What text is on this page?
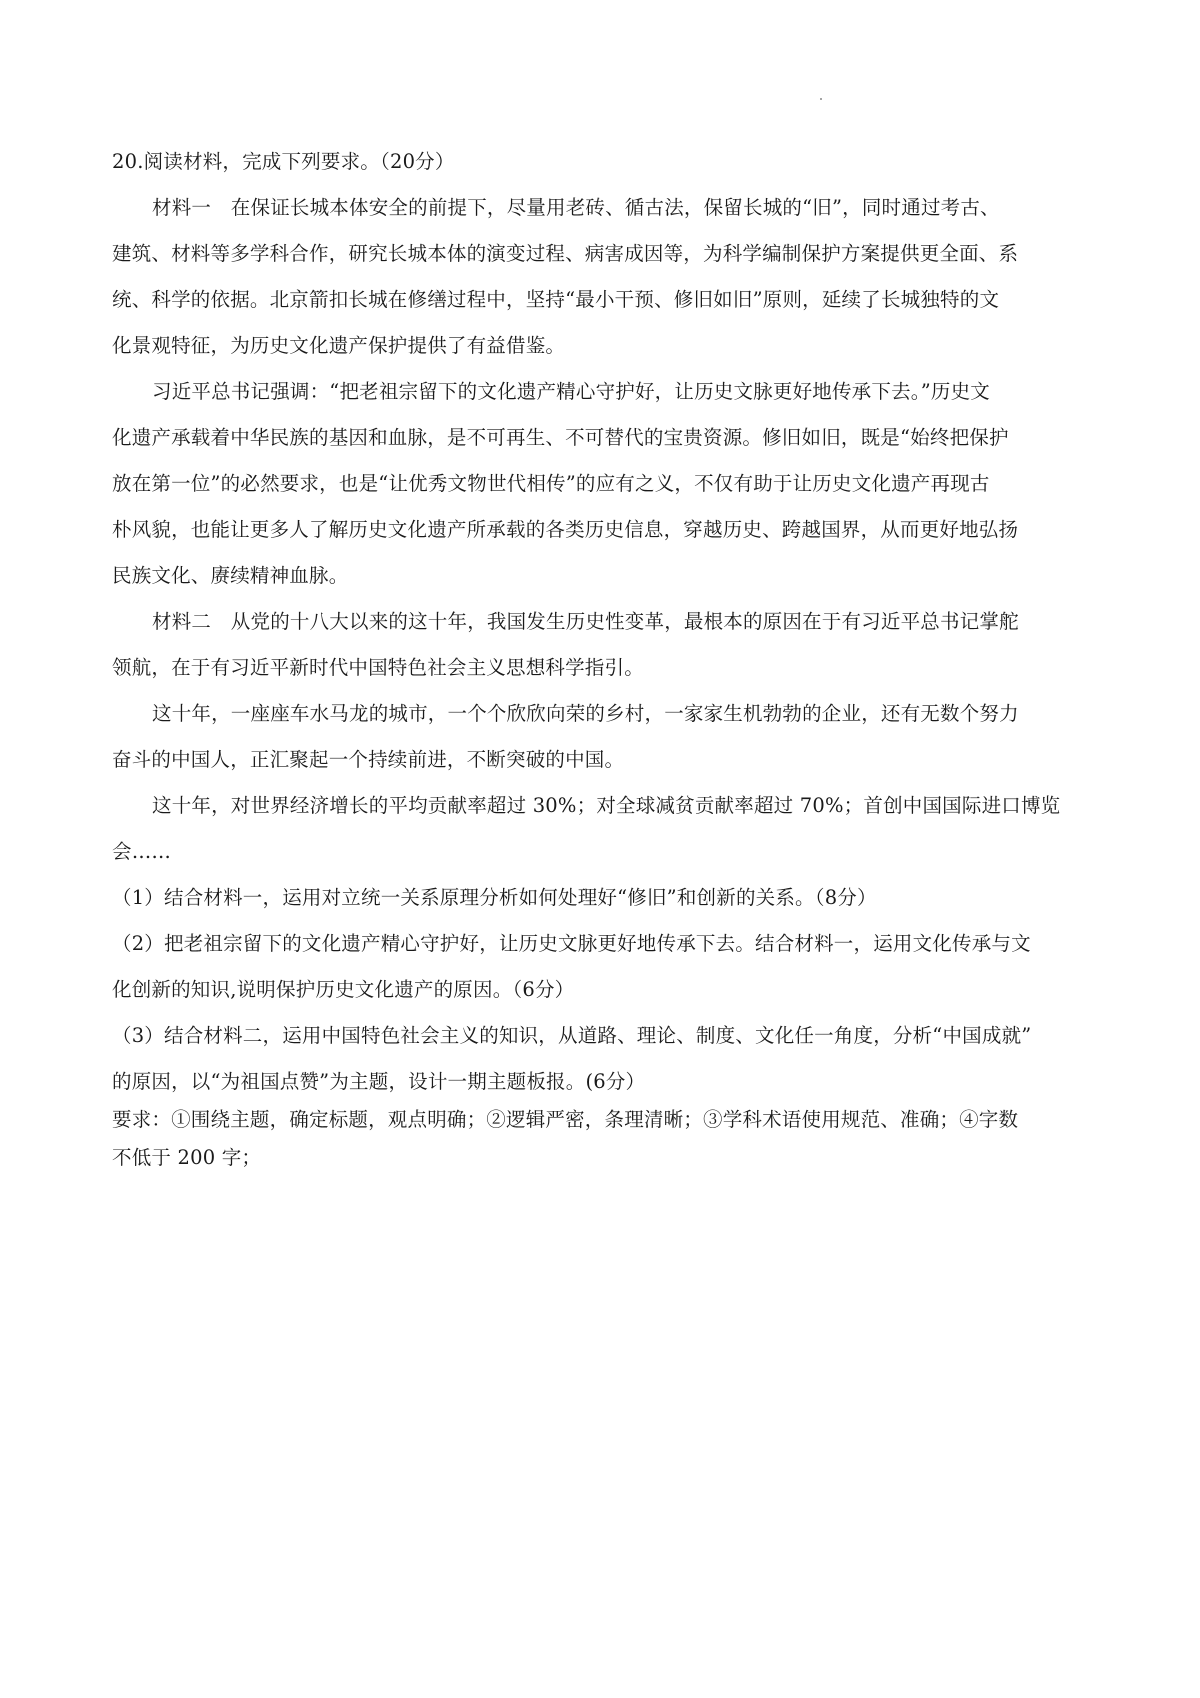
20.阅读材料，完成下列要求。（20分）
材料一　在保证长城本体安全的前提下，尽量用老砖、循古法，保留长城的“旧”，同时通过考古、
建筑、材料等多学科合作，研究长城本体的演变过程、病害成因等，为科学编制保护方案提供更全面、系
统、科学的依据。北京箭扣长城在修缮过程中，坚持“最小干预、修旧如旧”原则，延续了长城独特的文
化景观特征，为历史文化遗产保护提供了有益借鉴。
习近平总书记强调：“把老祖宗留下的文化遗产精心守护好，让历史文脉更好地传承下去。”历史文
化遗产承载着中华民族的基因和血脉，是不可再生、不可替代的宝贵资源。修旧如旧，既是“始终把保护
放在第一位”的必然要求，也是“让优秀文物世代相传”的应有之义，不仅有助于让历史文化遗产再现古
朴风貌，也能让更多人了解历史文化遗产所承载的各类历史信息，穿越历史、跨越国界，从而更好地弘扬
民族文化、赓续精神血脉。
材料二　从党的十八大以来的这十年，我国发生历史性变革，最根本的原因在于有习近平总书记掌舵
领航，在于有习近平新时代中国特色社会主义思想科学指引。
这十年，一座座车水马龙的城市，一个个欣欣向荣的乡村，一家家生机勃勃的企业，还有无数个努力
奋斗的中国人，正汇聚起一个持续前进，不断突破的中国。
这十年，对世界经济增长的平均贡献率超过 30%；对全球减贫贡献率超过 70%；首创中国国际进口博览
会……
（1）结合材料一，运用对立统一关系原理分析如何处理好“修旧”和创新的关系。（8分）
（2）把老祖宗留下的文化遗产精心守护好，让历史文脉更好地传承下去。结合材料一，运用文化传承与文
化创新的知识,说明保护历史文化遗产的原因。（6分）
（3）结合材料二，运用中国特色社会主义的知识，从道路、理论、制度、文化任一角度，分析“中国成就”
的原因，以“为祖国点赞”为主题，设计一期主题板报。(6分）
要求：①围绕主题，确定标题，观点明确；②逻辑严密，条理清晰；③学科术语使用规范、准确；④字数
不低于 200 字；
